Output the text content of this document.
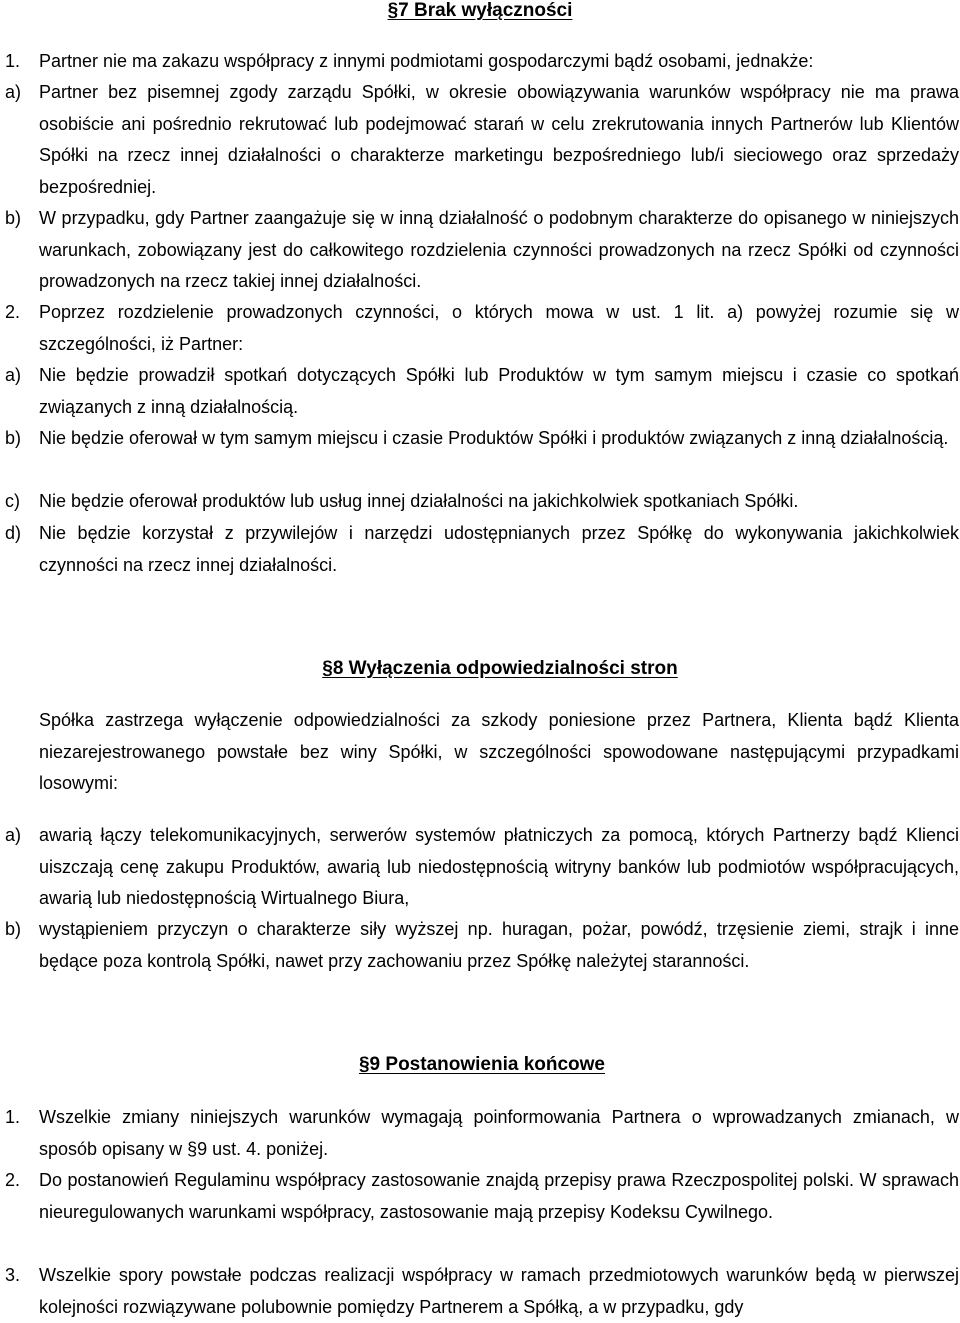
§7 Brak wyłączności
1.	Partner nie ma zakazu współpracy z innymi podmiotami gospodarczymi bądź osobami, jednakże:
a) Partner bez pisemnej zgody zarządu Spółki, w okresie obowiązywania warunków współpracy nie ma prawa osobiście ani pośrednio rekrutować lub podejmować starań w celu zrekrutowania innych Partnerów lub Klientów Spółki na rzecz innej działalności o charakterze marketingu bezpośredniego lub/i sieciowego oraz sprzedaży bezpośredniej.
b) W przypadku, gdy Partner zaangażuje się w inną działalność o podobnym charakterze do opisanego w niniejszych warunkach, zobowiązany jest do całkowitego rozdzielenia czynności prowadzonych na rzecz Spółki od czynności prowadzonych na rzecz takiej innej działalności.
2.	Poprzez rozdzielenie prowadzonych czynności, o których mowa w ust. 1 lit. a) powyżej rozumie się w szczególności, iż Partner:
a) Nie będzie prowadził spotkań dotyczących Spółki lub Produktów w tym samym miejscu i czasie co spotkań związanych z inną działalnością.
b) Nie będzie oferował w tym samym miejscu i czasie Produktów Spółki i produktów związanych z inną działalnością.
c)	Nie będzie oferował produktów lub usług innej działalności na jakichkolwiek spotkaniach Spółki.
d) Nie będzie korzystał z przywilejów i narzędzi udostępnianych przez Spółkę do wykonywania jakichkolwiek czynności na rzecz innej działalności.
§8 Wyłączenia odpowiedzialności stron
Spółka zastrzega wyłączenie odpowiedzialności za szkody poniesione przez Partnera, Klienta bądź Klienta niezarejestrowanego powstałe bez winy Spółki, w szczególności spowodowane następującymi przypadkami losowymi:
a) awarią łączy telekomunikacyjnych, serwerów systemów płatniczych za pomocą, których Partnerzy bądź Klienci uiszczają cenę zakupu Produktów, awarią lub niedostępnością witryny banków lub podmiotów współpracujących, awarią lub niedostępnością Wirtualnego Biura,
b) wystąpieniem przyczyn o charakterze siły wyższej np. huragan, pożar, powódź, trzęsienie ziemi, strajk i inne będące poza kontrolą Spółki, nawet przy zachowaniu przez Spółkę należytej staranności.
§9 Postanowienia końcowe
1.	Wszelkie zmiany niniejszych warunków wymagają poinformowania Partnera o wprowadzanych zmianach, w sposób opisany w §9 ust. 4. poniżej.
2.	Do postanowień Regulaminu współpracy zastosowanie znajdą przepisy prawa Rzeczpospolitej polski. W sprawach nieuregulowanych warunkami współpracy, zastosowanie mają przepisy Kodeksu Cywilnego.
3.	Wszelkie spory powstałe podczas realizacji współpracy w ramach przedmiotowych warunków będą w pierwszej kolejności rozwiązywane polubownie pomiędzy Partnerem a Spółką, a w przypadku, gdy
